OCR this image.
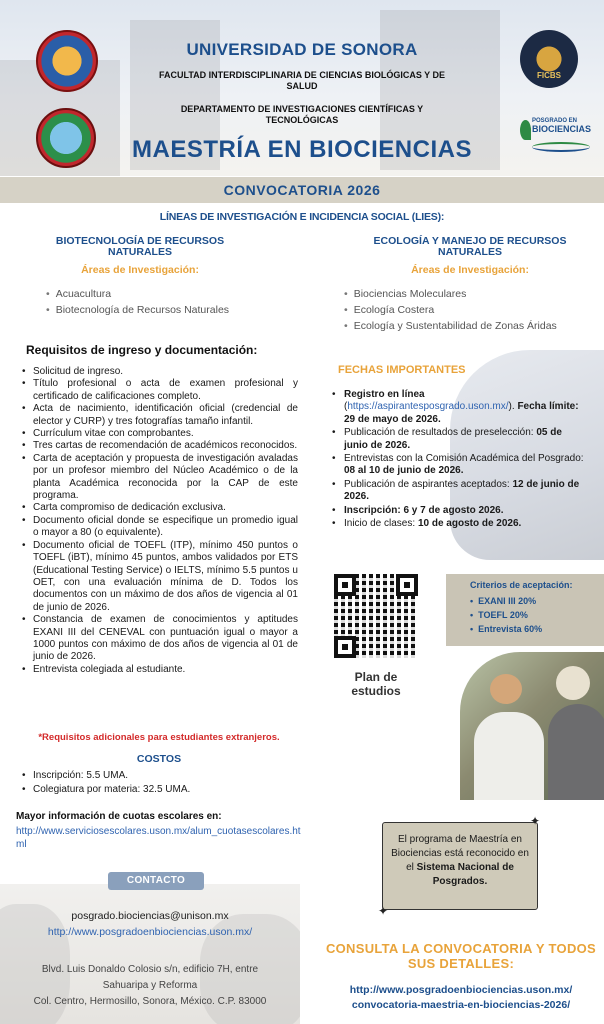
FICBS
POSGRADO EN
BIOCIENCIAS
UNIVERSIDAD DE SONORA
FACULTAD INTERDISCIPLINARIA DE CIENCIAS BIOLÓGICAS Y DE SALUD
DEPARTAMENTO DE INVESTIGACIONES CIENTÍFICAS Y TECNOLÓGICAS
MAESTRÍA EN BIOCIENCIAS
CONVOCATORIA 2026
LÍNEAS DE INVESTIGACIÓN E INCIDENCIA SOCIAL (LIES):
BIOTECNOLOGÍA DE RECURSOS NATURALES
Áreas de Investigación:
• Acuacultura
• Biotecnología de Recursos Naturales
ECOLOGÍA Y MANEJO DE RECURSOS NATURALES
Áreas de Investigación:
• Biociencias Moleculares
• Ecología Costera
• Ecología y Sustentabilidad de Zonas Áridas
Requisitos de ingreso y documentación:
• Solicitud de ingreso.
• Título profesional o acta de examen profesional y certificado de calificaciones completo.
• Acta de nacimiento, identificación oficial (credencial de elector y CURP) y tres fotografías tamaño infantil.
• Currículum vitae con comprobantes.
• Tres cartas de recomendación de académicos reconocidos.
• Carta de aceptación y propuesta de investigación avaladas por un profesor miembro del Núcleo Académico o de la planta Académica reconocida por la CAP de este programa.
• Carta compromiso de dedicación exclusiva.
• Documento oficial donde se especifique un promedio igual o mayor a 80 (o equivalente).
• Documento oficial de TOEFL (ITP), mínimo 450 puntos o TOEFL (iBT), mínimo 45 puntos, ambos validados por ETS (Educational Testing Service) o IELTS, mínimo 5.5 puntos u OET, con una evaluación mínima de D. Todos los documentos con un máximo de dos años de vigencia al 01 de junio de 2026.
• Constancia de examen de conocimientos y aptitudes EXANI III del CENEVAL con puntuación igual o mayor a 1000 puntos con máximo de dos años de vigencia al 01 de junio de 2026.
• Entrevista colegiada al estudiante.
*Requisitos adicionales para estudiantes extranjeros.
COSTOS
• Inscripción: 5.5 UMA.
• Colegiatura por materia: 32.5 UMA.
Mayor información de cuotas escolares en:
http://www.serviciosescolares.uson.mx/alum_cuotasescolares.html
CONTACTO
posgrado.biociencias@unison.mx
http://www.posgradoenbiociencias.uson.mx/
Blvd. Luis Donaldo Colosio s/n, edificio 7H, entre
Sahuaripa y Reforma
Col. Centro, Hermosillo, Sonora, México. C.P. 83000
FECHAS IMPORTANTES
• Registro en línea (https://aspirantesposgrado.uson.mx/). Fecha límite: 29 de mayo de 2026.
• Publicación de resultados de preselección: 05 de junio de 2026.
• Entrevistas con la Comisión Académica del Posgrado: 08 al 10 de junio de 2026.
• Publicación de aspirantes aceptados: 12 de junio de 2026.
• Inscripción: 6 y 7 de agosto 2026.
• Inicio de clases: 10 de agosto de 2026.
Plan de estudios
Criterios de aceptación:
• EXANI III 20%
• TOEFL 20%
• Entrevista 60%
El programa de Maestría en Biociencias está reconocido en el Sistema Nacional de Posgrados.
✦
✦
CONSULTA LA CONVOCATORIA Y TODOS SUS DETALLES:
http://www.posgradoenbiociencias.uson.mx/
convocatoria-maestria-en-biociencias-2026/
